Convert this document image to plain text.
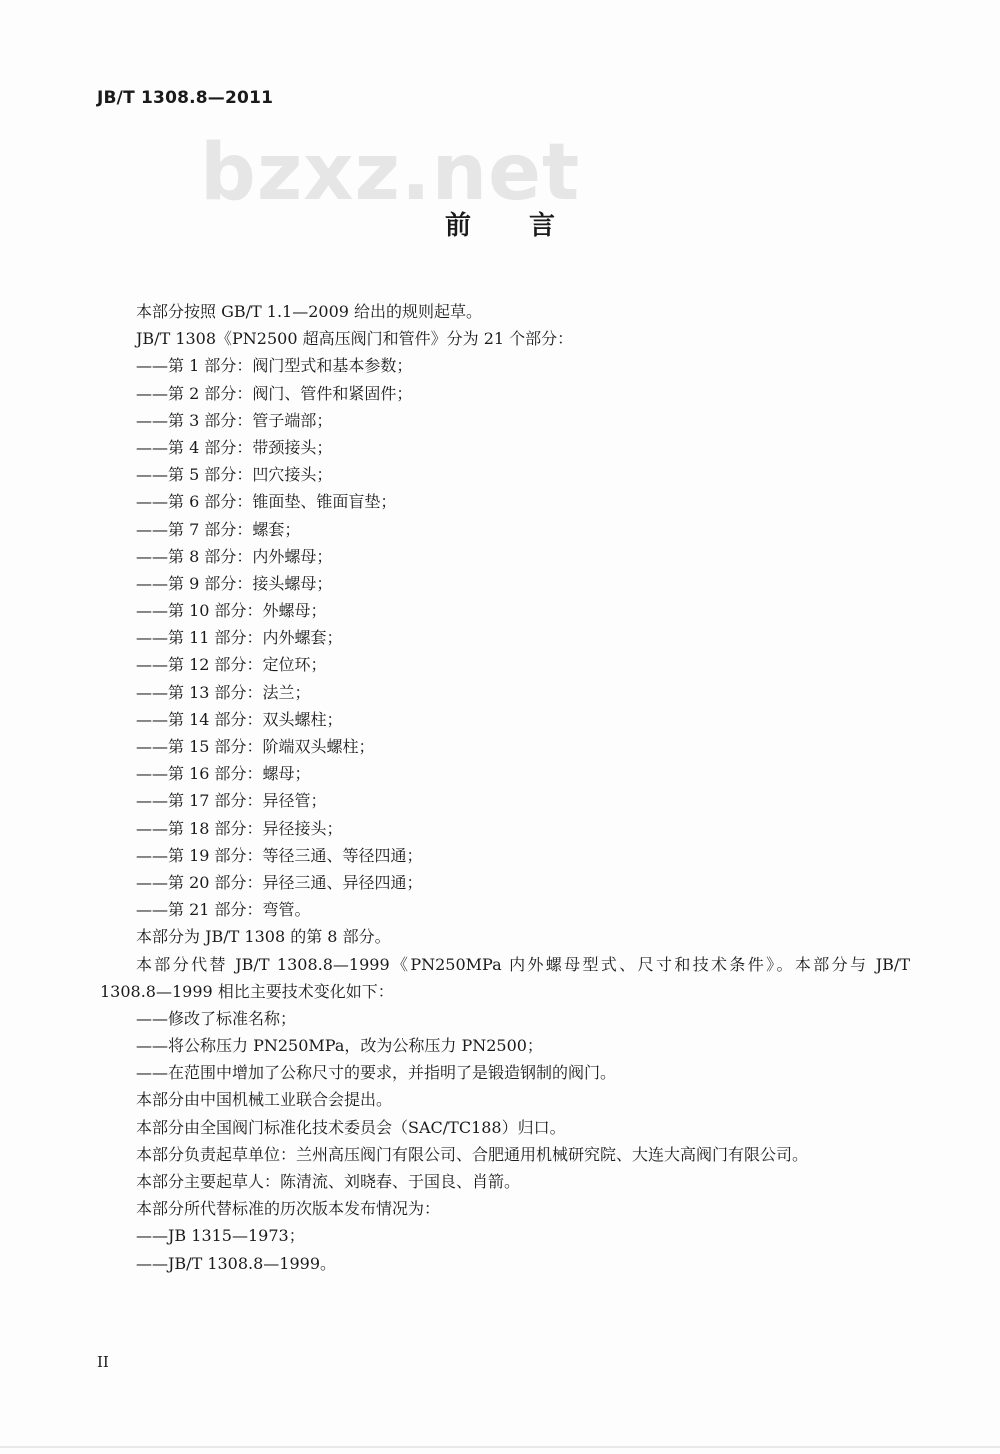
JB/T 1308.8—2011
bzxz.net
前言
本部分按照 GB/T 1.1—2009 给出的规则起草。
JB/T 1308《PN2500 超高压阀门和管件》分为 21 个部分：
——第 1 部分：阀门型式和基本参数；
——第 2 部分：阀门、管件和紧固件；
——第 3 部分：管子端部；
——第 4 部分：带颈接头；
——第 5 部分：凹穴接头；
——第 6 部分：锥面垫、锥面盲垫；
——第 7 部分：螺套；
——第 8 部分：内外螺母；
——第 9 部分：接头螺母；
——第 10 部分：外螺母；
——第 11 部分：内外螺套；
——第 12 部分：定位环；
——第 13 部分：法兰；
——第 14 部分：双头螺柱；
——第 15 部分：阶端双头螺柱；
——第 16 部分：螺母；
——第 17 部分：异径管；
——第 18 部分：异径接头；
——第 19 部分：等径三通、等径四通；
——第 20 部分：异径三通、异径四通；
——第 21 部分：弯管。
本部分为 JB/T 1308 的第 8 部分。
本部分代替 JB/T 1308.8—1999《PN250MPa 内外螺母型式、尺寸和技术条件》。本部分与 JB/T
1308.8—1999 相比主要技术变化如下：
——修改了标准名称；
——将公称压力 PN250MPa，改为公称压力 PN2500；
——在范围中增加了公称尺寸的要求，并指明了是锻造钢制的阀门。
本部分由中国机械工业联合会提出。
本部分由全国阀门标准化技术委员会（SAC/TC188）归口。
本部分负责起草单位：兰州高压阀门有限公司、合肥通用机械研究院、大连大高阀门有限公司。
本部分主要起草人：陈清流、刘晓春、于国良、肖箭。
本部分所代替标准的历次版本发布情况为：
——JB 1315—1973；
——JB/T 1308.8—1999。
II
